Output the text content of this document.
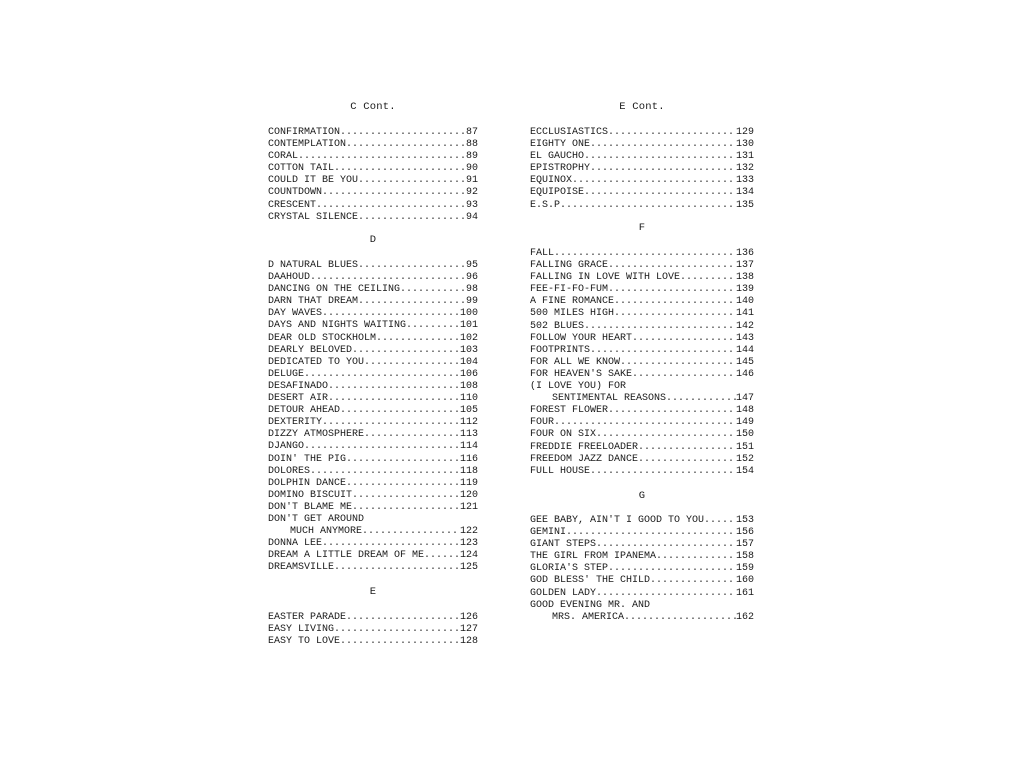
C Cont.
CONFIRMATION .....	87
CONTEMPLATION .....	88
CORAL .....	89
COTTON TAIL .....	90
COULD IT BE YOU .....	91
COUNTDOWN .....	92
CRESCENT .....	93
CRYSTAL SILENCE .....	94
D
D NATURAL BLUES .....	95
DAAHOUD .....	96
DANCING ON THE CEILING .....	98
DARN THAT DREAM .....	99
DAY WAVES .....	100
DAYS AND NIGHTS WAITING .....	101
DEAR OLD STOCKHOLM .....	102
DEARLY BELOVED .....	103
DEDICATED TO YOU .....	104
DELUGE .....	106
DESAFINADO .....	108
DESERT AIR .....	110
DETOUR AHEAD .....	105
DEXTERITY .....	112
DIZZY ATMOSPHERE .....	113
DJANGO .....	114
DOIN' THE PIG .....	116
DOLORES .....	118
DOLPHIN DANCE .....	119
DOMINO BISCUIT .....	120
DON'T BLAME ME .....	121
DON'T GET AROUND
MUCH ANYMORE .....	122
DONNA LEE .....	123
DREAM A LITTLE DREAM OF ME .....	124
DREAMSVILLE .....	125
E
EASTER PARADE .....	126
EASY LIVING .....	127
EASY TO LOVE .....	128
E Cont.
ECCLUSIASTICS .....	129
EIGHTY ONE .....	130
EL GAUCHO .....	131
EPISTROPHY .....	132
EQUINOX .....	133
EQUIPOISE .....	134
E.S.P. .....	135
F
FALL .....	136
FALLING GRACE .....	137
FALLING IN LOVE WITH LOVE .....	138
FEE-FI-FO-FUM .....	139
A FINE ROMANCE .....	140
500 MILES HIGH .....	141
502 BLUES .....	142
FOLLOW YOUR HEART .....	143
FOOTPRINTS .....	144
FOR ALL WE KNOW .....	145
FOR HEAVEN'S SAKE .....	146
(I LOVE YOU) FOR
SENTIMENTAL REASONS .....	147
FOREST FLOWER .....	148
FOUR .....	149
FOUR ON SIX .....	150
FREDDIE FREELOADER .....	151
FREEDOM JAZZ DANCE .....	152
FULL HOUSE .....	154
G
GEE BABY, AIN'T I GOOD TO YOU .....	153
GEMINI .....	156
GIANT STEPS .....	157
THE GIRL FROM IPANEMA .....	158
GLORIA'S STEP .....	159
GOD BLESS' THE CHILD .....	160
GOLDEN LADY .....	161
GOOD EVENING MR. AND
MRS. AMERICA .....	162
